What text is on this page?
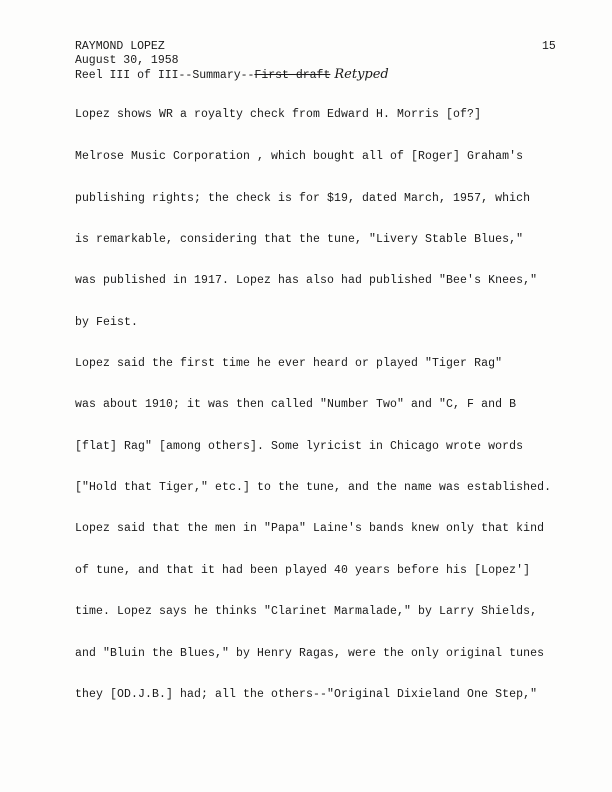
RAYMOND LOPEZ
August 30, 1958
Reel III of III--Summary--First draft Retyped
15
Lopez shows WR a royalty check from Edward H. Morris [of?]
Melrose Music Corporation , which bought all of [Roger] Graham's
publishing rights; the check is for $19, dated March, 1957, which
is remarkable, considering that the tune, "Livery Stable Blues,"
was published in 1917. Lopez has also had published "Bee's Knees,"
by Feist.
Lopez said the first time he ever heard or played "Tiger Rag"
was about 1910; it was then called "Number Two" and "C, F and B
[flat] Rag" [among others]. Some lyricist in Chicago wrote words
["Hold that Tiger," etc.] to the tune, and the name was established.
Lopez said that the men in "Papa" Laine's bands knew only that kind
of tune, and that it had been played 40 years before his [Lopez']
time. Lopez says he thinks "Clarinet Marmalade," by Larry Shields,
and "Bluin the Blues," by Henry Ragas, were the only original tunes
they [OD.J.B.] had; all the others--"Original Dixieland One Step,"
